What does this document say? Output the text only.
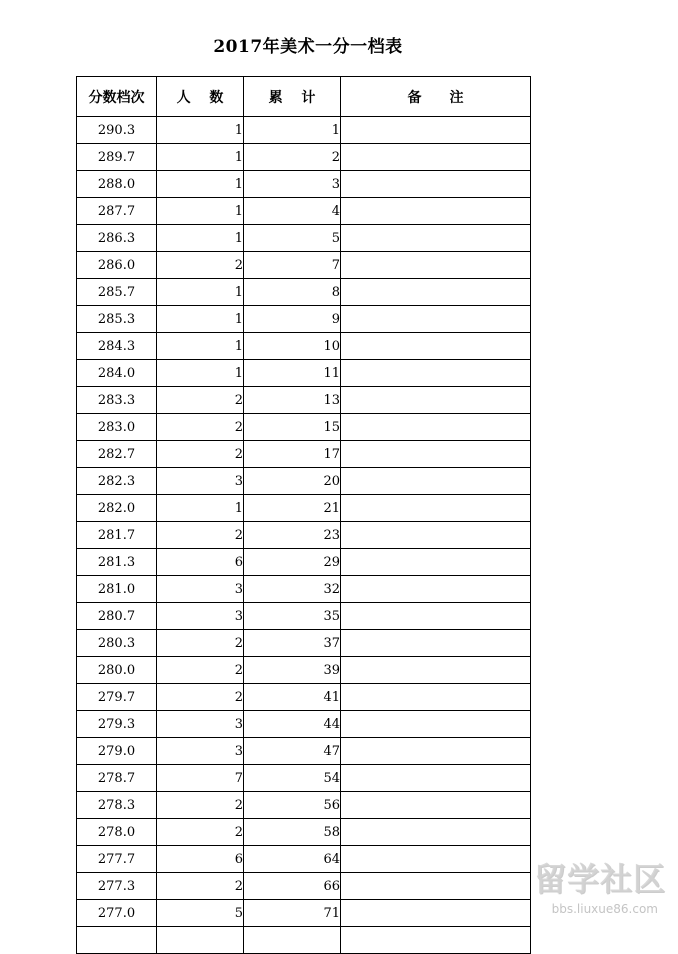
2017年美术一分一档表
分数档次	人　 数	累　 计	备　　注
290.3	1	1	
289.7	1	2	
288.0	1	3	
287.7	1	4	
286.3	1	5	
286.0	2	7	
285.7	1	8	
285.3	1	9	
284.3	1	10	
284.0	1	11	
283.3	2	13	
283.0	2	15	
282.7	2	17	
282.3	3	20	
282.0	1	21	
281.7	2	23	
281.3	6	29	
281.0	3	32	
280.7	3	35	
280.3	2	37	
280.0	2	39	
279.7	2	41	
279.3	3	44	
279.0	3	47	
278.7	7	54	
278.3	2	56	
278.0	2	58	
277.7	6	64	
277.3	2	66	
277.0	5	71	

留学社区
bbs.liuxue86.com
